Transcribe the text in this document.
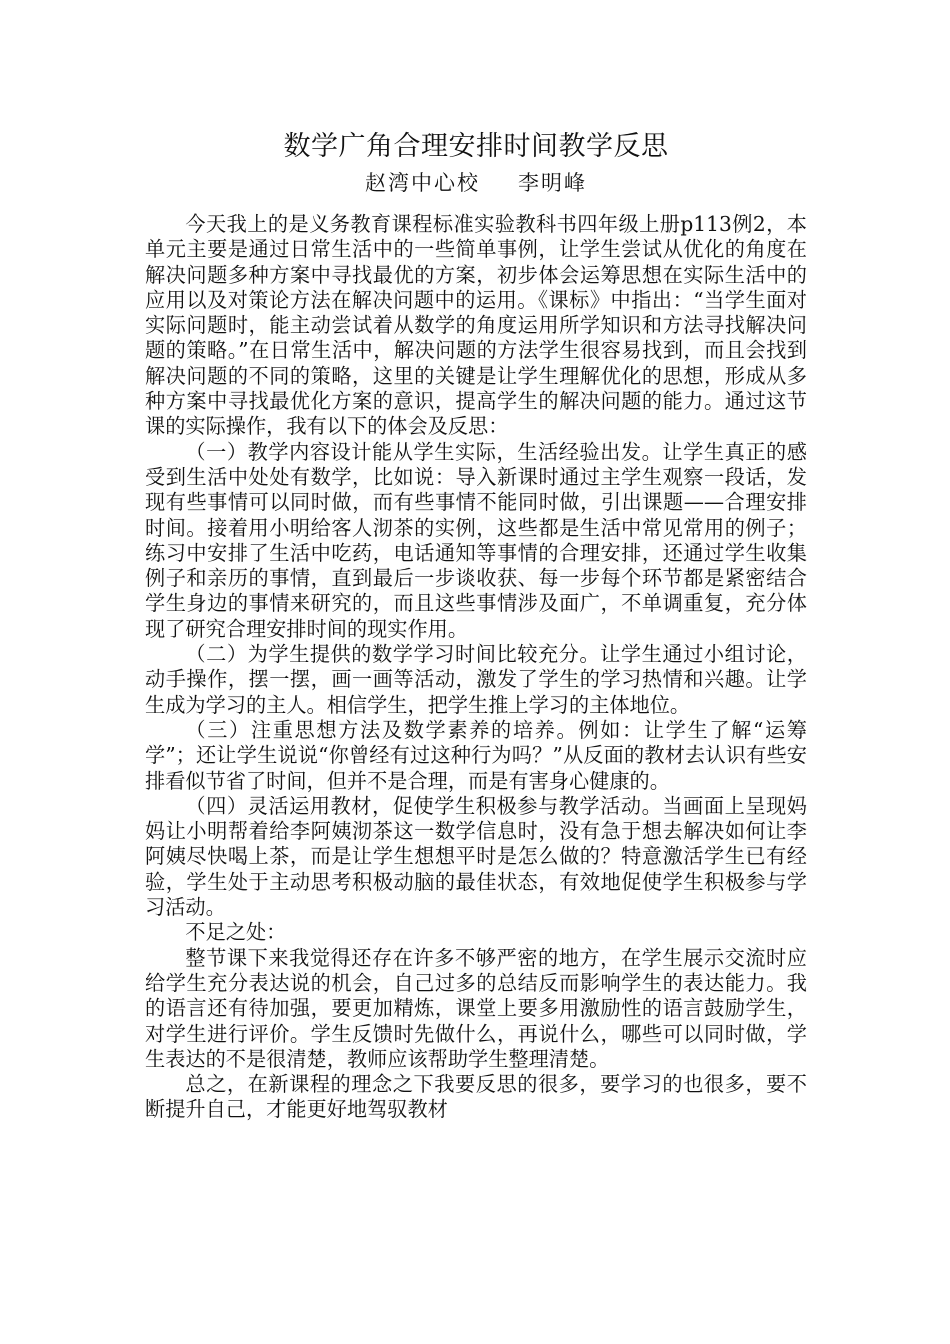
数学广角合理安排时间教学反思
赵湾中心校 李明峰

今天我上的是义务教育课程标准实验教科书四年级上册p113例2，本单元主要是通过日常生活中的一些简单事例，让学生尝试从优化的角度在解决问题多种方案中寻找最优的方案，初步体会运筹思想在实际生活中的应用以及对策论方法在解决问题中的运用。《课标》中指出：“当学生面对实际问题时，能主动尝试着从数学的角度运用所学知识和方法寻找解决问题的策略。”在日常生活中，解决问题的方法学生很容易找到，而且会找到解决问题的不同的策略，这里的关键是让学生理解优化的思想，形成从多种方案中寻找最优化方案的意识，提高学生的解决问题的能力。通过这节课的实际操作，我有以下的体会及反思：

（一）教学内容设计能从学生实际，生活经验出发。让学生真正的感受到生活中处处有数学，比如说：导入新课时通过主学生观察一段话，发现有些事情可以同时做，而有些事情不能同时做，引出课题——合理安排时间。接着用小明给客人沏茶的实例，这些都是生活中常见常用的例子；练习中安排了生活中吃药，电话通知等事情的合理安排，还通过学生收集例子和亲历的事情，直到最后一步谈收获、每一步每个环节都是紧密结合学生身边的事情来研究的，而且这些事情涉及面广，不单调重复，充分体现了研究合理安排时间的现实作用。

（二）为学生提供的数学学习时间比较充分。让学生通过小组讨论，动手操作，摆一摆，画一画等活动，激发了学生的学习热情和兴趣。让学生成为学习的主人。相信学生，把学生推上学习的主体地位。

（三）注重思想方法及数学素养的培养。例如：让学生了解“运筹学”；还让学生说说“你曾经有过这种行为吗？”从反面的教材去认识有些安排看似节省了时间，但并不是合理，而是有害身心健康的。

（四）灵活运用教材，促使学生积极参与教学活动。当画面上呈现妈妈让小明帮着给李阿姨沏茶这一数学信息时，没有急于想去解决如何让李阿姨尽快喝上茶，而是让学生想想平时是怎么做的？特意激活学生已有经验，学生处于主动思考积极动脑的最佳状态，有效地促使学生积极参与学习活动。

不足之处：

整节课下来我觉得还存在许多不够严密的地方，在学生展示交流时应给学生充分表达说的机会，自己过多的总结反而影响学生的表达能力。我的语言还有待加强，要更加精炼，课堂上要多用激励性的语言鼓励学生，对学生进行评价。学生反馈时先做什么，再说什么，哪些可以同时做，学生表达的不是很清楚，教师应该帮助学生整理清楚。

总之，在新课程的理念之下我要反思的很多，要学习的也很多，要不断提升自己，才能更好地驾驭教材
